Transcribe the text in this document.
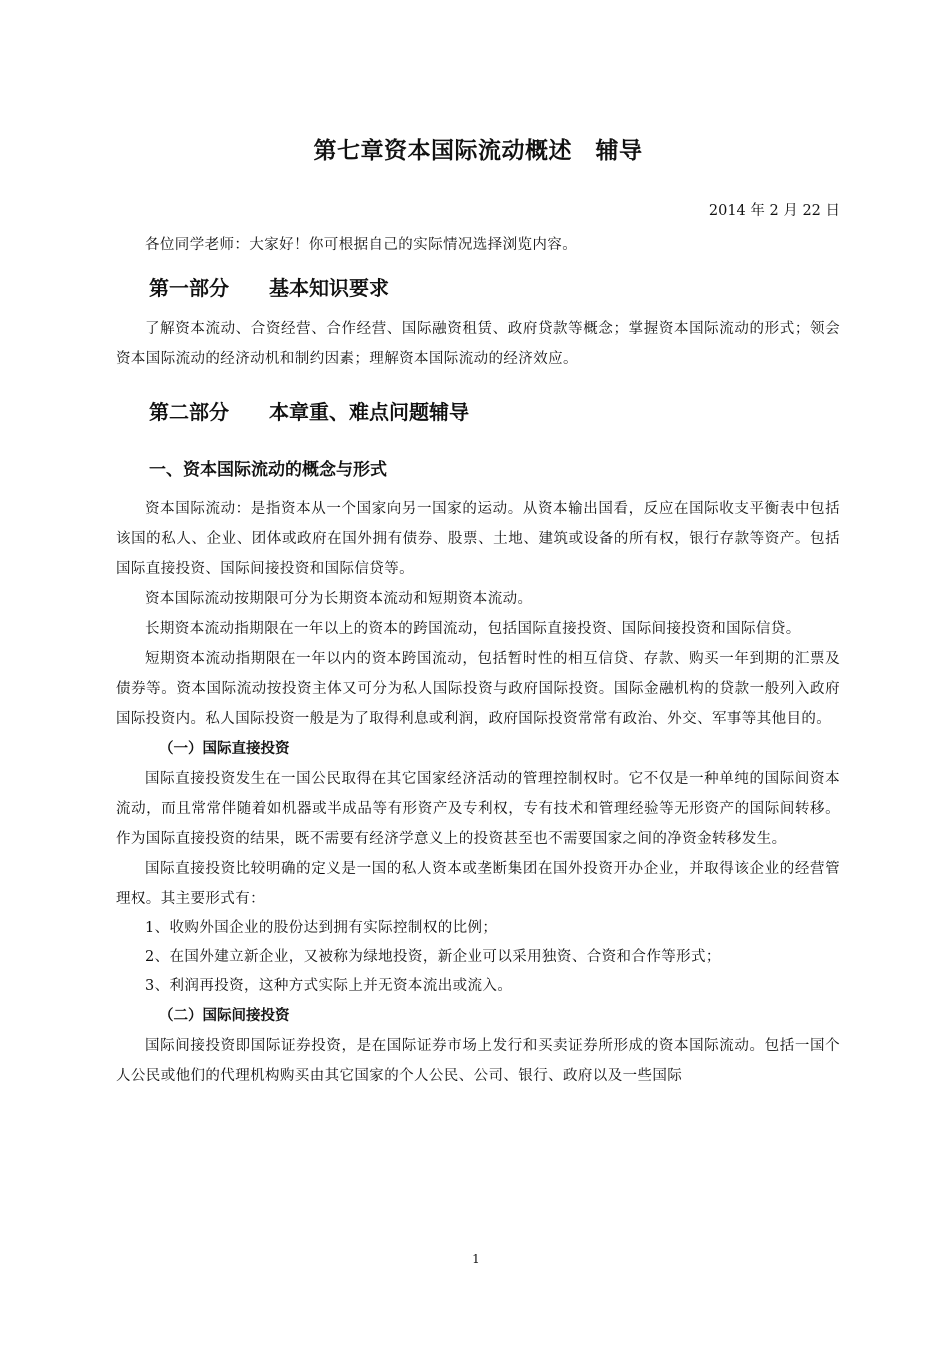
第七章资本国际流动概述　辅导

2014 年 2 月 22 日

各位同学老师：大家好！你可根据自己的实际情况选择浏览内容。

第一部分　　基本知识要求

了解资本流动、合资经营、合作经营、国际融资租赁、政府贷款等概念；掌握资本国际流动的形式；领会资本国际流动的经济动机和制约因素；理解资本国际流动的经济效应。

第二部分　　本章重、难点问题辅导
一、资本国际流动的概念与形式

资本国际流动：是指资本从一个国家向另一国家的运动。从资本输出国看，反应在国际收支平衡表中包括该国的私人、企业、团体或政府在国外拥有债券、股票、土地、建筑或设备的所有权，银行存款等资产。包括国际直接投资、国际间接投资和国际信贷等。

资本国际流动按期限可分为长期资本流动和短期资本流动。

长期资本流动指期限在一年以上的资本的跨国流动，包括国际直接投资、国际间接投资和国际信贷。

短期资本流动指期限在一年以内的资本跨国流动，包括暂时性的相互信贷、存款、购买一年到期的汇票及债券等。资本国际流动按投资主体又可分为私人国际投资与政府国际投资。国际金融机构的贷款一般列入政府国际投资内。私人国际投资一般是为了取得利息或利润，政府国际投资常常有政治、外交、军事等其他目的。

（一）国际直接投资

国际直接投资发生在一国公民取得在其它国家经济活动的管理控制权时。它不仅是一种单纯的国际间资本流动，而且常常伴随着如机器或半成品等有形资产及专利权，专有技术和管理经验等无形资产的国际间转移。作为国际直接投资的结果，既不需要有经济学意义上的投资甚至也不需要国家之间的净资金转移发生。

国际直接投资比较明确的定义是一国的私人资本或垄断集团在国外投资开办企业，并取得该企业的经营管理权。其主要形式有：

1、收购外国企业的股份达到拥有实际控制权的比例；

2、在国外建立新企业，又被称为绿地投资，新企业可以采用独资、合资和合作等形式；

3、利润再投资，这种方式实际上并无资本流出或流入。

（二）国际间接投资

国际间接投资即国际证券投资，是在国际证券市场上发行和买卖证券所形成的资本国际流动。包括一国个人公民或他们的代理机构购买由其它国家的个人公民、公司、银行、政府以及一些国际

1
